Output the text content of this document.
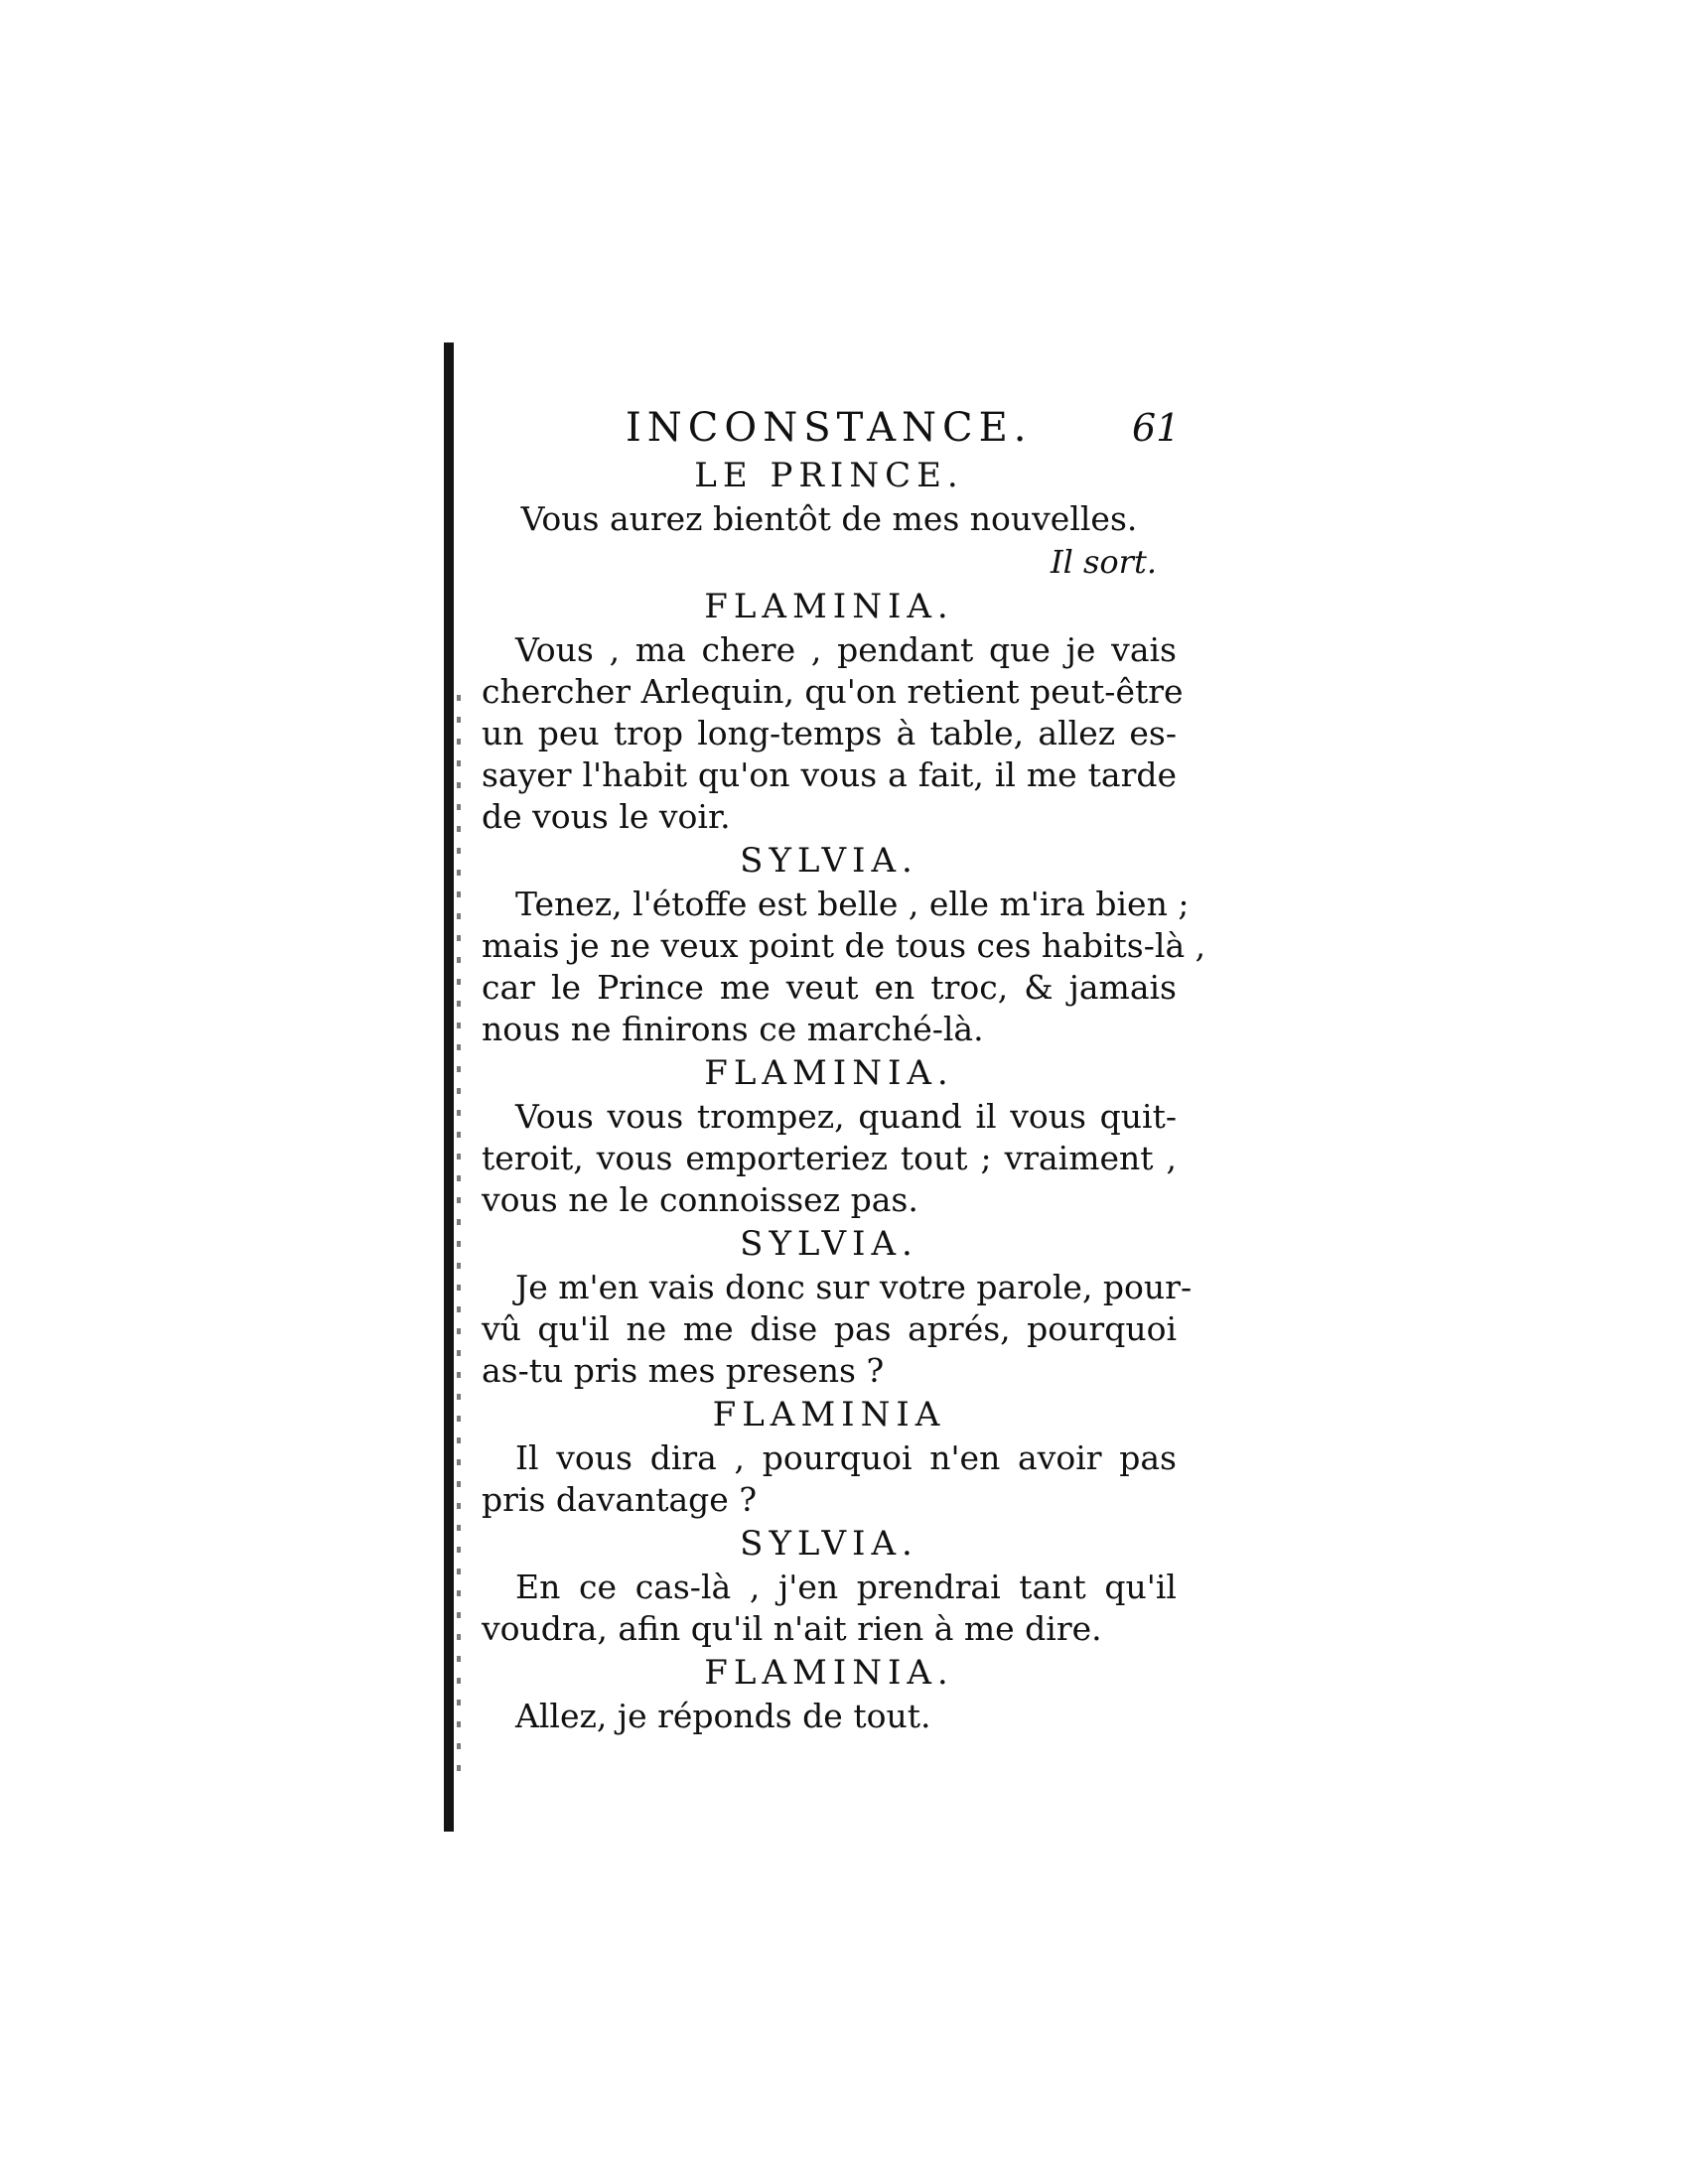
INCONSTANCE.	61
LE PRINCE.
Vous aurez bientôt de mes nouvelles.
Il sort.
FLAMINIA.
Vous , ma chere , pendant que je vais
chercher Arlequin, qu'on retient peut-être
un peu trop long-temps à table, allez es-
sayer l'habit qu'on vous a fait, il me tarde
de vous le voir.
SYLVIA.
Tenez, l'étoffe est belle , elle m'ira bien ;
mais je ne veux point de tous ces habits-là ,
car le Prince me veut en troc, & jamais
nous ne finirons ce marché-là.
FLAMINIA.
Vous vous trompez, quand il vous quit-
teroit, vous emporteriez tout ; vraiment ,
vous ne le connoissez pas.
SYLVIA.
Je m'en vais donc sur votre parole, pour-
vû qu'il ne me dise pas aprés, pourquoi
as-tu pris mes presens ?
FLAMINIA
Il vous dira , pourquoi n'en avoir pas
pris davantage ?
SYLVIA.
En ce cas-là , j'en prendrai tant qu'il
voudra, afin qu'il n'ait rien à me dire.
FLAMINIA.
Allez, je réponds de tout.
